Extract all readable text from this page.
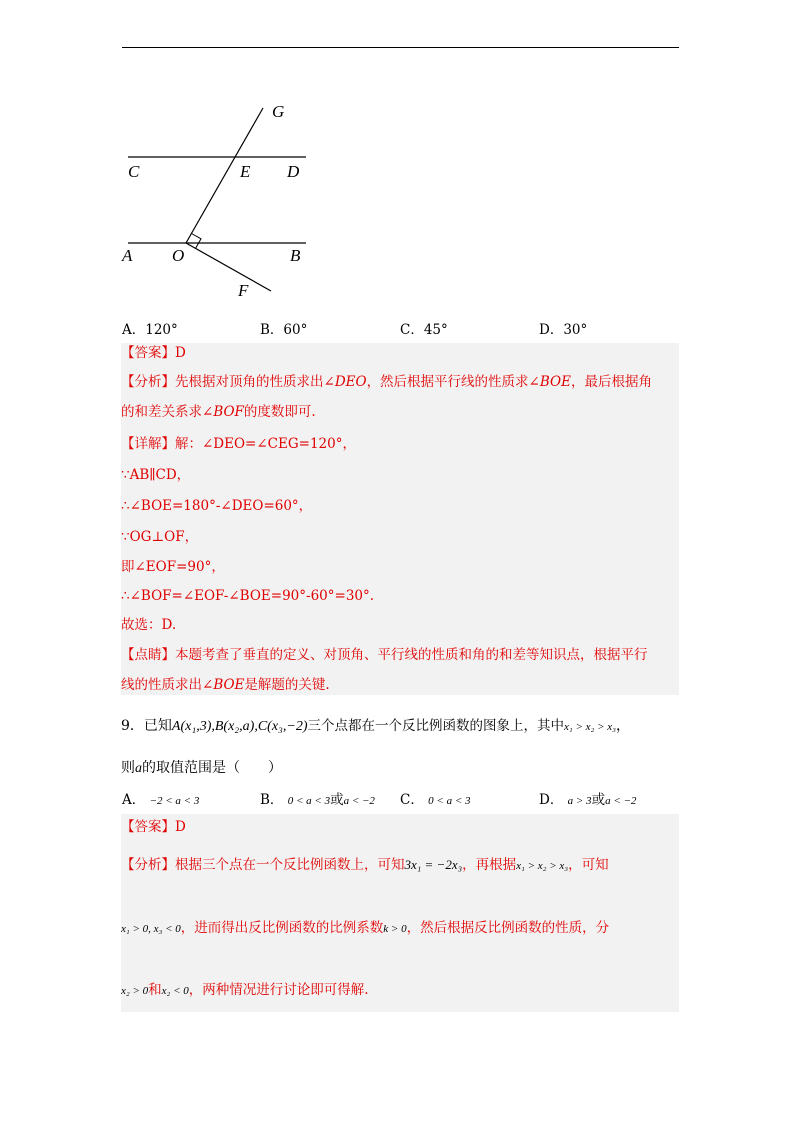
G
C	E D
A O	B
F
A．120°	B．60°	C．45°	D．30°
【答案】D
【分析】先根据对顶角的性质求出∠DEO，然后根据平行线的性质求∠BOE，最后根据角
的和差关系求∠BOF的度数即可.
【详解】解：∠DEO=∠CEG=120°，
∵AB∥CD，
∴∠BOE=180°-∠DEO=60°，
∵OG⊥OF，
即∠EOF=90°，
∴∠BOF=∠EOF-∠BOE=90°-60°=30°.
故选：D.
【点睛】本题考查了垂直的定义、对顶角、平行线的性质和角的和差等知识点，根据平行
线的性质求出∠BOE是解题的关键.
9．已知A(x₁,3),B(x₂,a),C(x₃,−2)三个点都在一个反比例函数的图象上，其中x₁ > x₂ > x₃，
则a的取值范围是（　　）
A． −2 < a < 3	B． 0 < a < 3或a < −2 C． 0 < a < 3	D． a > 3或a < −2
【答案】D
【分析】根据三个点在一个反比例函数上，可知3x₁ = −2x₃，再根据x₁ > x₂ > x₃，可知
x₁ > 0, x₃ < 0，进而得出反比例函数的比例系数k > 0，然后根据反比例函数的性质，分
x₂ > 0和x₂ < 0，两种情况进行讨论即可得解.
